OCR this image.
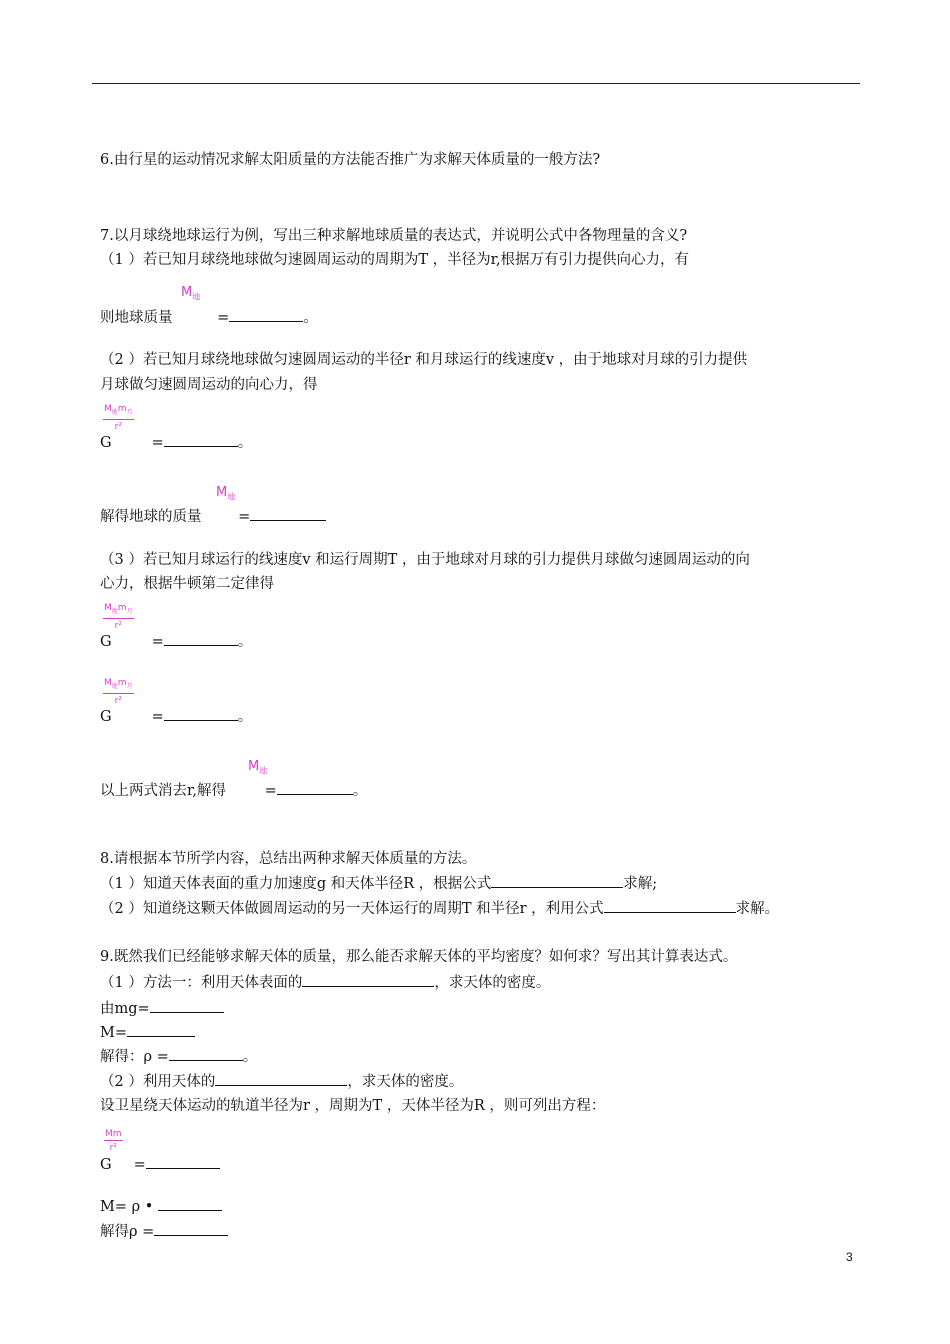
6.由行星的运动情况求解太阳质量的方法能否推广为求解天体质量的一般方法?
7.以月球绕地球运行为例，写出三种求解地球质量的表达式，并说明公式中各物理量的含义?
（1 ）若已知月球绕地球做匀速圆周运动的周期为T ，半径为r,根据万有引力提供向心力，有
$M_地$
则地球质量	=	。
（2 ）若已知月球绕地球做匀速圆周运动的半径r 和月球运行的线速度v ，由于地球对月球的引力提供
月球做匀速圆周运动的向心力，得
$M_地m_月$
r²
G	=	。
$M_地$
解得地球的质量	=
（3 ）若已知月球运行的线速度v 和运行周期T ，由于地球对月球的引力提供月球做匀速圆周运动的向
心力，根据牛顿第二定律得
$M_地m_月$
r²
G	=	。
$M_地m_月$
r²
G	=	。
$M_地$
以上两式消去r,解得	=	。
8.请根据本节所学内容，总结出两种求解天体质量的方法。
（1 ）知道天体表面的重力加速度g 和天体半径R ，根据公式	求解;
（2 ）知道绕这颗天体做圆周运动的另一天体运行的周期T 和半径r ，利用公式	求解。
9.既然我们已经能够求解天体的质量，那么能否求解天体的平均密度？如何求？写出其计算表达式。
（1 ）方法一：利用天体表面的	，求天体的密度。
由mg=
M=
解得：ρ =	。
（2 ）利用天体的	，求天体的密度。
设卫星绕天体运动的轨道半径为r ，周期为T ，天体半径为R ，则可列出方程：
$\frac{Mm}{\text{r²}}$
G =
M= ρ •
解得ρ =
3
